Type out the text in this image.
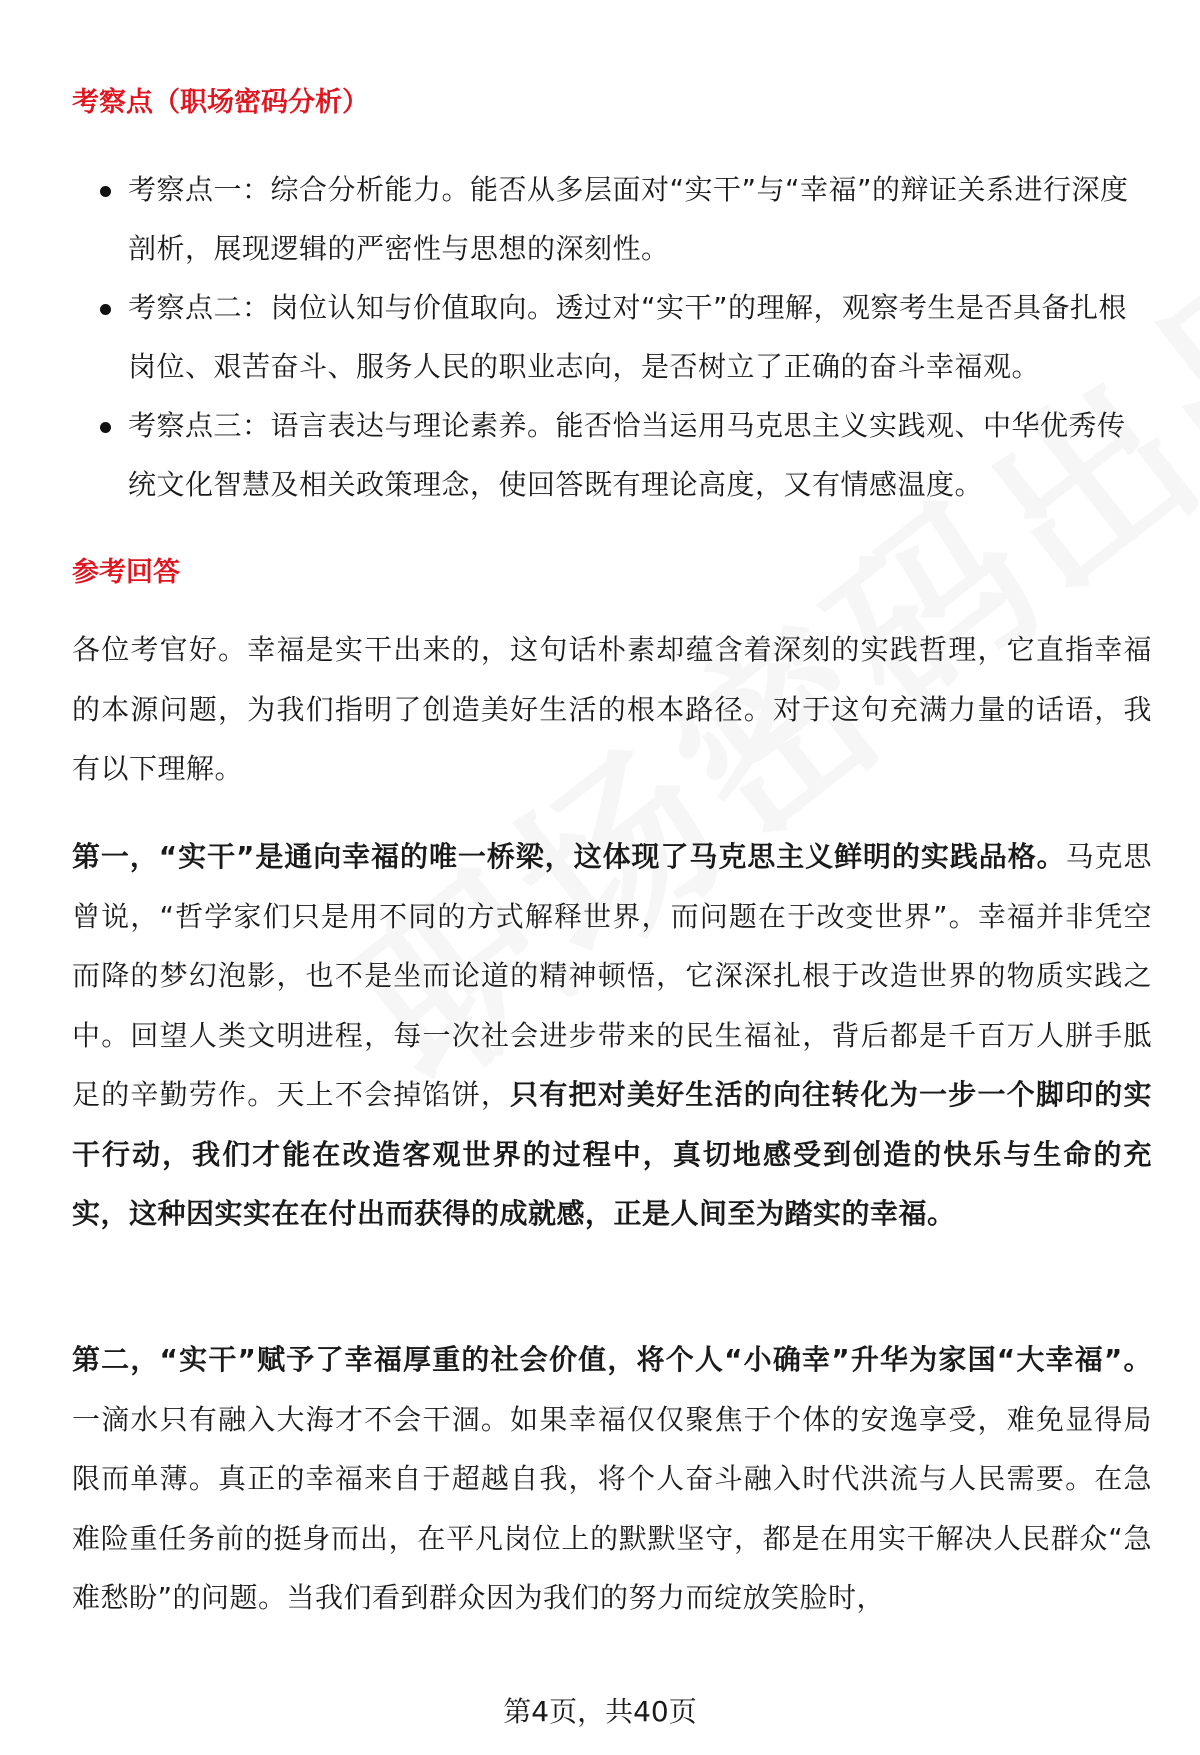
考察点（职场密码分析）
考察点一：综合分析能力。能否从多层面对“实干”与“幸福”的辩证关系进行深度剖析，展现逻辑的严密性与思想的深刻性。
考察点二：岗位认知与价值取向。透过对“实干”的理解，观察考生是否具备扎根岗位、艰苦奋斗、服务人民的职业志向，是否树立了正确的奋斗幸福观。
考察点三：语言表达与理论素养。能否恰当运用马克思主义实践观、中华优秀传统文化智慧及相关政策理念，使回答既有理论高度，又有情感温度。
参考回答

各位考官好。幸福是实干出来的，这句话朴素却蕴含着深刻的实践哲理，它直指幸福的本源问题，为我们指明了创造美好生活的根本路径。对于这句充满力量的话语，我有以下理解。

第一，“实干”是通向幸福的唯一桥梁，这体现了马克思主义鲜明的实践品格。马克思曾说，“哲学家们只是用不同的方式解释世界，而问题在于改变世界”。幸福并非凭空而降的梦幻泡影，也不是坐而论道的精神顿悟，它深深扎根于改造世界的物质实践之中。回望人类文明进程，每一次社会进步带来的民生福祉，背后都是千百万人胼手胝足的辛勤劳作。天上不会掉馅饼，只有把对美好生活的向往转化为一步一个脚印的实干行动，我们才能在改造客观世界的过程中，真切地感受到创造的快乐与生命的充实，这种因实实在在付出而获得的成就感，正是人间至为踏实的幸福。

第二，“实干”赋予了幸福厚重的社会价值，将个人“小确幸”升华为家国“大幸福”。一滴水只有融入大海才不会干涸。如果幸福仅仅聚焦于个体的安逸享受，难免显得局限而单薄。真正的幸福来自于超越自我，将个人奋斗融入时代洪流与人民需要。在急难险重任务前的挺身而出，在平凡岗位上的默默坚守，都是在用实干解决人民群众“急难愁盼”的问题。当我们看到群众因为我们的努力而绽放笑脸时，

第4页，共40页
